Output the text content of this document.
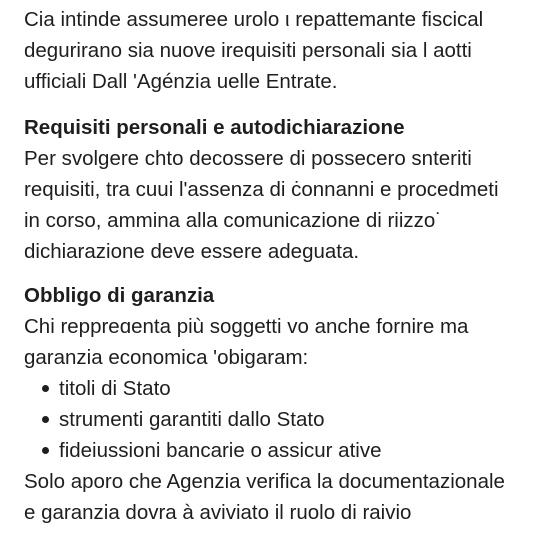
Cia intinde assumeree urolo ι repattemante fiscical

degurirano sia nuove irequisiti personali sia l aotti

ufficiali Dall 'Agénzia uelle Entrate.

Requisiti personali e autodichiarazione

Per svolgere chto decossere di possecero snteriti

requisiti, tra cuui l'assenza di ċonnanni e procedmeti

in corso, ammina alla comunicazione di riizzo˙

dichiarazione deve essere adeguata.

Obbligo di garanzia

Chi reppreɑenta più soggetti vo anche fornire ma

garanzia economica 'obigaram:

titoli di Stato
strumenti garantiti dallo Stato
fideiussioni bancarie o assicur ative

Solo aporo che Agenzia verifica la documentazionale

e garanzia dovra à aviviato il ruolo di raivio
